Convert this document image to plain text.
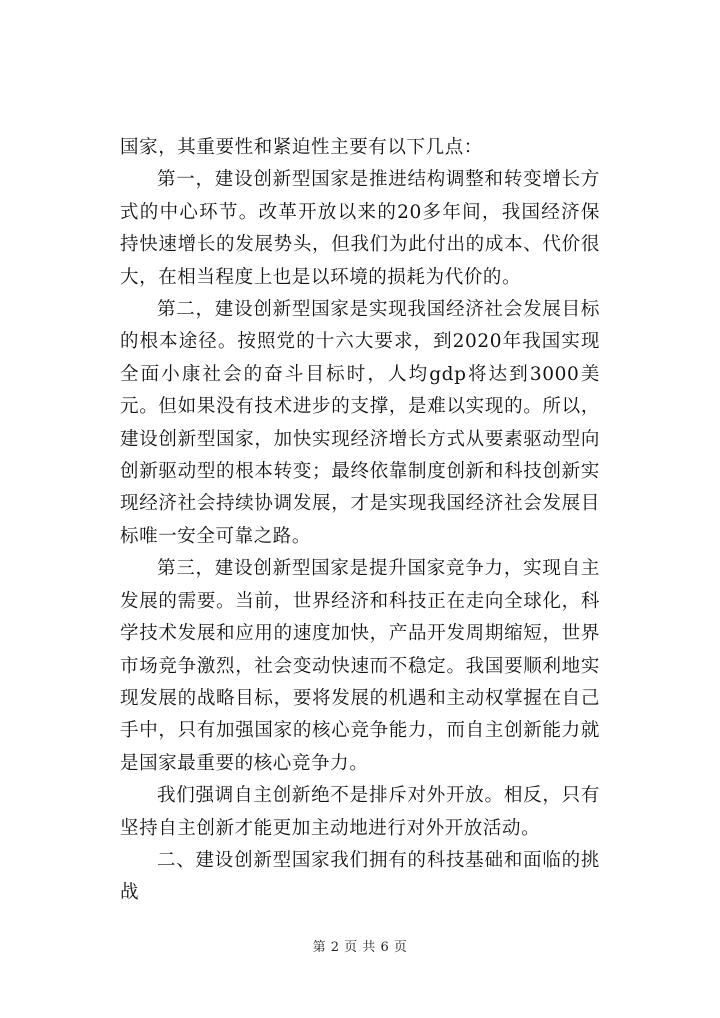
国家，其重要性和紧迫性主要有以下几点：

第一，建设创新型国家是推进结构调整和转变增长方式的中心环节。改革开放以来的20多年间，我国经济保持快速增长的发展势头，但我们为此付出的成本、代价很大，在相当程度上也是以环境的损耗为代价的。

第二，建设创新型国家是实现我国经济社会发展目标的根本途径。按照党的十六大要求，到2020年我国实现全面小康社会的奋斗目标时，人均gdp将达到3000美元。但如果没有技术进步的支撑，是难以实现的。所以，建设创新型国家，加快实现经济增长方式从要素驱动型向创新驱动型的根本转变；最终依靠制度创新和科技创新实现经济社会持续协调发展，才是实现我国经济社会发展目标唯一安全可靠之路。

第三，建设创新型国家是提升国家竞争力，实现自主发展的需要。当前，世界经济和科技正在走向全球化，科学技术发展和应用的速度加快，产品开发周期缩短，世界市场竞争激烈，社会变动快速而不稳定。我国要顺利地实现发展的战略目标，要将发展的机遇和主动权掌握在自己手中，只有加强国家的核心竞争能力，而自主创新能力就是国家最重要的核心竞争力。

我们强调自主创新绝不是排斥对外开放。相反，只有坚持自主创新才能更加主动地进行对外开放活动。

二、建设创新型国家我们拥有的科技基础和面临的挑战

第 2 页 共 6 页
